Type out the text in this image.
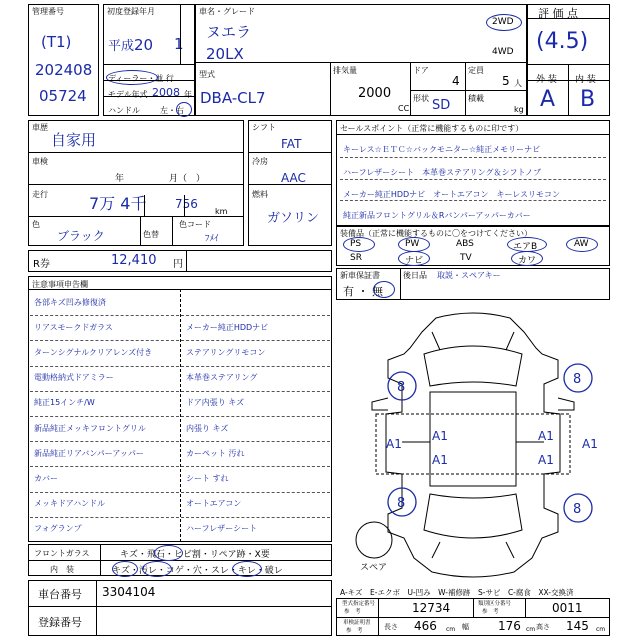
管理番号
(T1)
202408
05724
初度登録年月
平成20 1
ディーラー・並 行
モデル年式 2008 年
ハンドル	左・右
車名・グレード
ヌエラ
20LX
2WD
4WD
型式
DBA-CL7
排気量
2000
CC
ドア
4
定員
5 人
形状 SD 積載
kg
評 価 点
(4.5)
外 装 内 装
A B
車歴
自家用
車検
年	月（　）
走行	7万 4千 756
km
色
ブラック	色替
色コード
ﾌﾒｲ
シフト
FAT
冷房
AAC
燃料
ガソリン
R券	12,410 円
セールスポイント（正常に機能するものに印です）
キーレス☆ＥＴＣ☆バックモニター☆純正メモリーナビ
ハーフレザーシート　本革巻ステアリング＆シフトノブ
メーカー純正HDDナビ　オートエアコン　キーレスリモコン
純正新品フロントグリル＆Rバンパーアッパーカバー
装備品（正常に機能するものに〇をつけてください）
PS	PW	ABS	エアB	AW
SR	ナビ	TV	カワ
新車保証書
有 ・ 無
後日品 取説・スペアキー
注意事項申告欄
各部キズ凹み修復済
リアスモークドガラス	メーカー純正HDDナビ
ターンシグナルクリアレンズ付き	ステアリングリモコン
電動格納式ドアミラー	本革巻ステアリング
純正15インチ/W	ドア内張り キズ
新品純正メッキフロントグリル	内張り キズ
新品純正リアバンパーアッパー	カーペット 汚れ
カバー	シート すれ
メッキドアハンドル	オートエアコン
フォグランプ	ハーフレザーシート
フロントガラス	キズ・飛石・ヒビ割・リペア跡・X要
内　装	キズ・汚レ・コゲ・穴・スレ・キレ・破レ
車台番号 3304104
登録番号
8
8
8	8
A1
A1
A1
A1
A1
A1
スペア
A-キズ　E-エクボ　U-凹み　W-補修跡　S-サビ　C-腐食　XX-交換済
型式指定番号
参　考	12734	類別区分番号
参　考	0011
車検証明書
参　考	長さ 466 cm 幅 176 cm 高さ 145 cm
